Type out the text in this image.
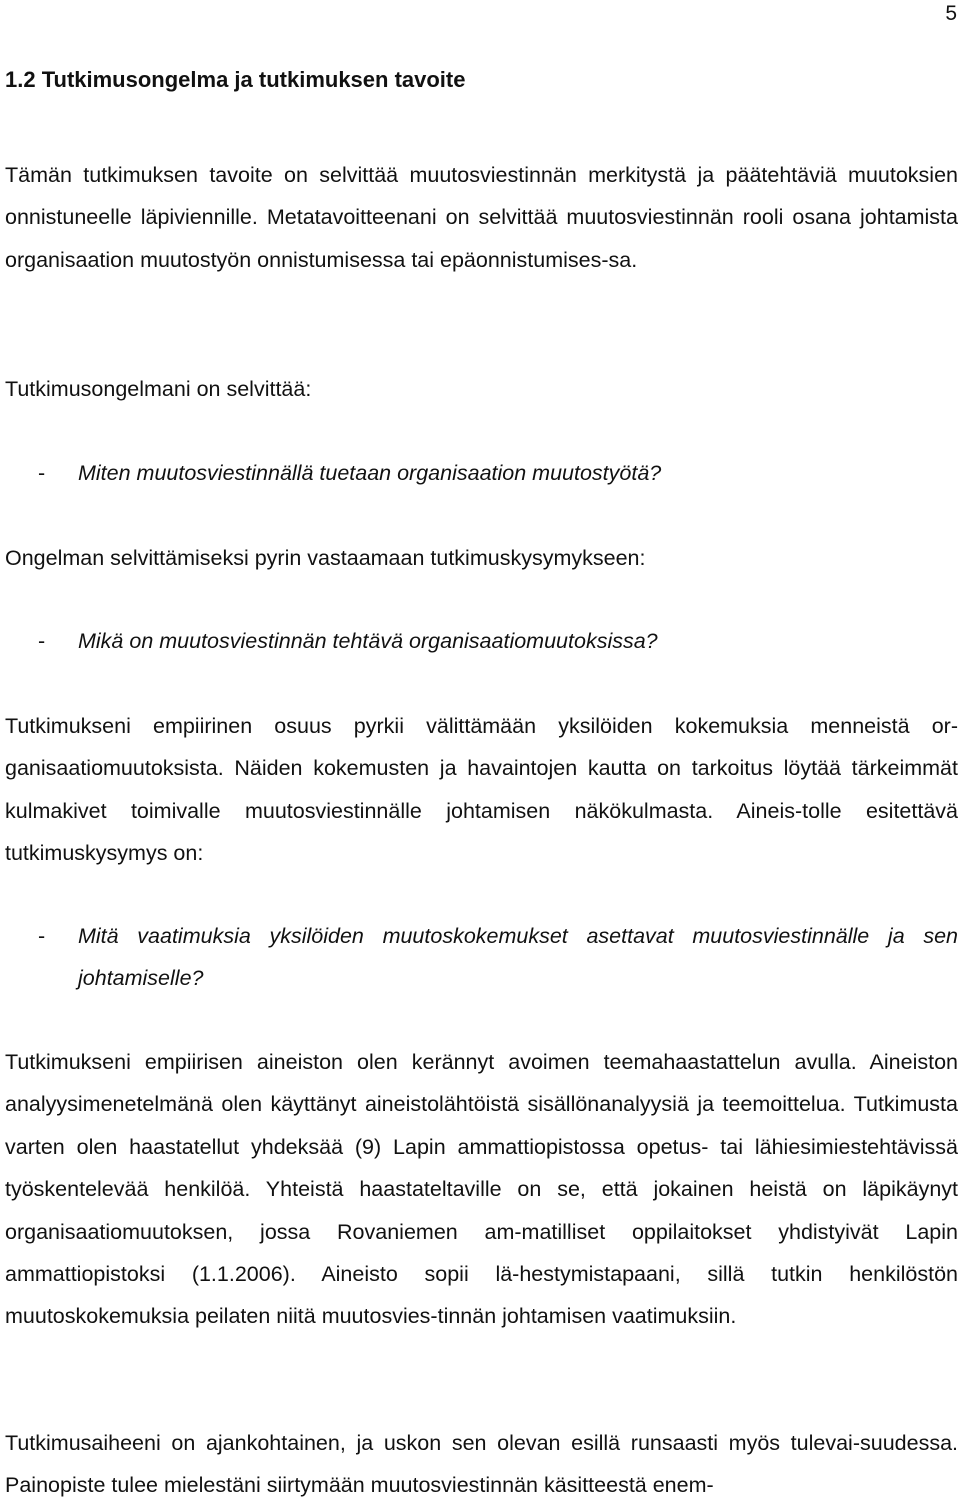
5
1.2 Tutkimusongelma ja tutkimuksen tavoite

Tämän tutkimuksen tavoite on selvittää muutosviestinnän merkitystä ja päätehtäviä muutoksien onnistuneelle läpiviennille. Metatavoitteenani on selvittää muutosviestinnän rooli osana johtamista organisaation muutostyön onnistumisessa tai epäonnistumises-sa.

Tutkimusongelmani on selvittää:

- Miten muutosviestinnällä tuetaan organisaation muutostyötä?

Ongelman selvittämiseksi pyrin vastaamaan tutkimuskysymykseen:

- Mikä on muutosviestinnän tehtävä organisaatiomuutoksissa?

Tutkimukseni empiirinen osuus pyrkii välittämään yksilöiden kokemuksia menneistä or-ganisaatiomuutoksista. Näiden kokemusten ja havaintojen kautta on tarkoitus löytää tärkeimmät kulmakivet toimivalle muutosviestinnälle johtamisen näkökulmasta. Aineis-tolle esitettävä tutkimuskysymys on:

- Mitä vaatimuksia yksilöiden muutoskokemukset asettavat muutosviestinnälle ja sen johtamiselle?

Tutkimukseni empiirisen aineiston olen kerännyt avoimen teemahaastattelun avulla. Aineiston analyysimenetelmänä olen käyttänyt aineistolähtöistä sisällönanalyysiä ja teemoittelua. Tutkimusta varten olen haastatellut yhdeksää (9) Lapin ammattiopistossa opetus- tai lähiesimiestehtävissä työskentelevää henkilöä. Yhteistä haastateltaville on se, että jokainen heistä on läpikäynyt organisaatiomuutoksen, jossa Rovaniemen am-matilliset oppilaitokset yhdistyivät Lapin ammattiopistoksi (1.1.2006). Aineisto sopii lä-hestymistapaani, sillä tutkin henkilöstön muutoskokemuksia peilaten niitä muutosvies-tinnän johtamisen vaatimuksiin.

Tutkimusaiheeni on ajankohtainen, ja uskon sen olevan esillä runsaasti myös tulevai-suudessa. Painopiste tulee mielestäni siirtymään muutosviestinnän käsitteestä enem-
